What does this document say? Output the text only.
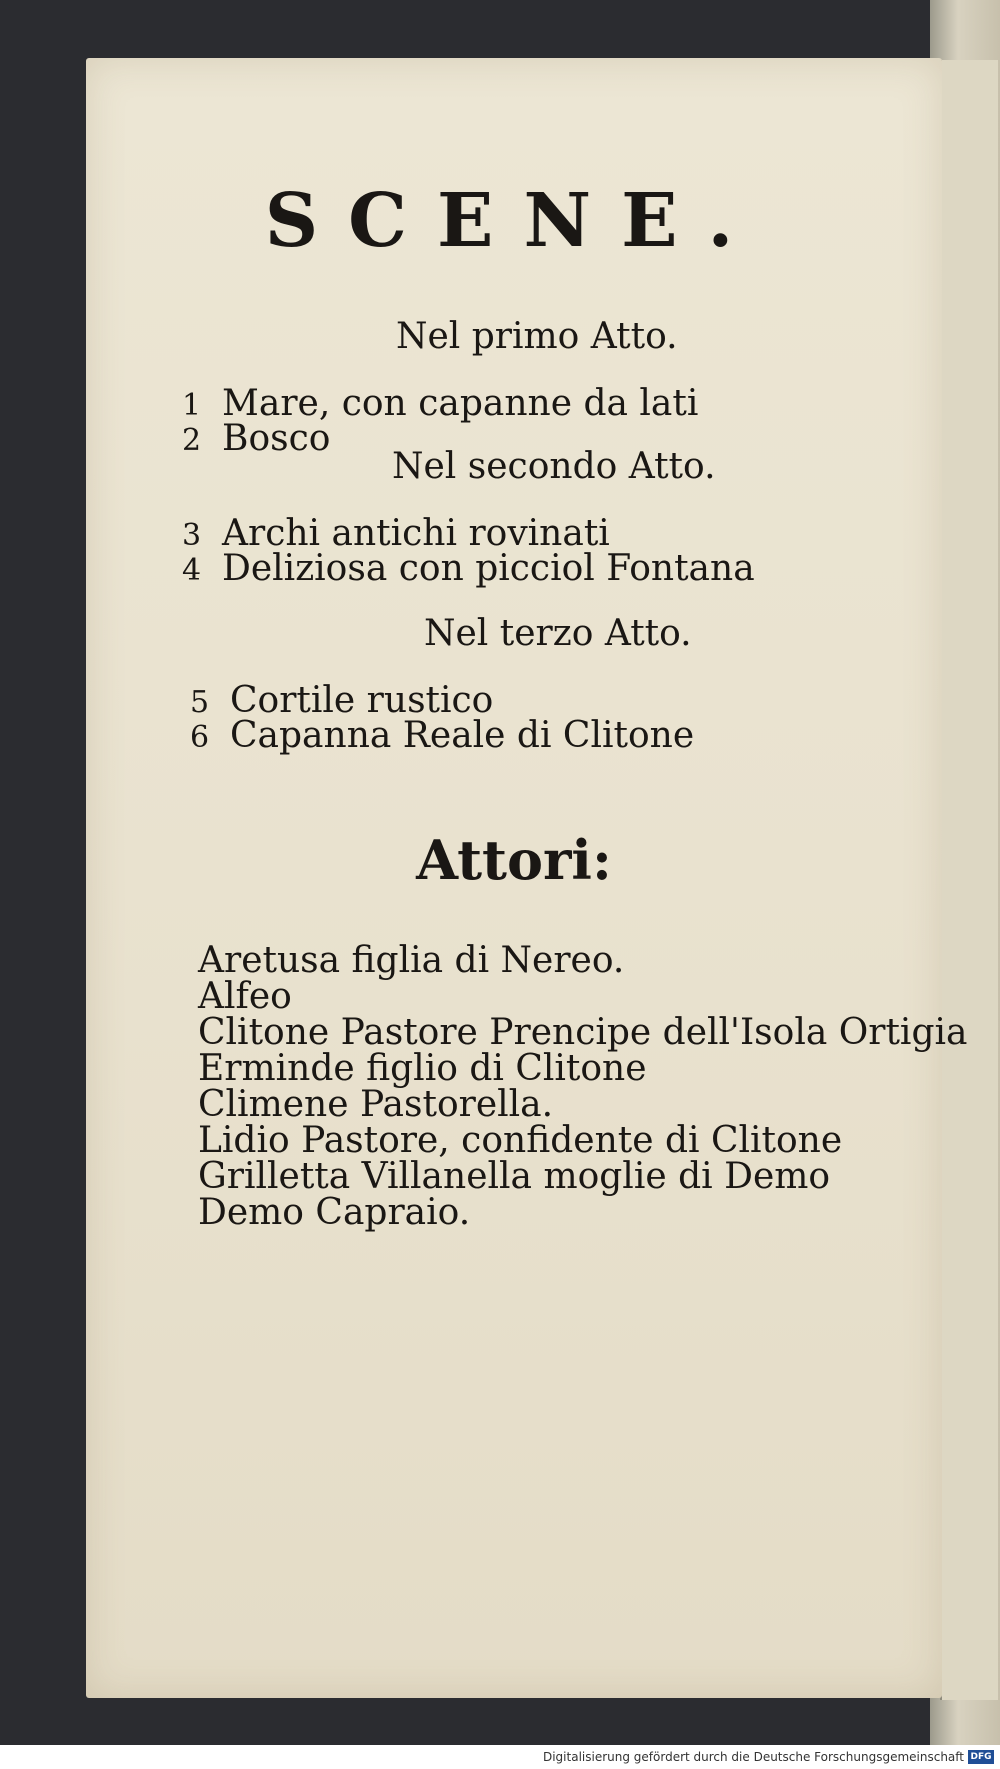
SCENE.
Nel primo Atto.
1 Mare, con capanne da lati
2 Bosco
Nel secondo Atto.
3 Archi antichi rovinati
4 Deliziosa con picciol Fontana
Nel terzo Atto.
5 Cortile rustico
6 Capanna Reale di Clitone
Attori:
Aretusa figlia di Nereo.
Alfeo
Clitone Pastore Prencipe dell'Isola Ortigia
Erminde figlio di Clitone
Climene Pastorella.
Lidio Pastore, confidente di Clitone
Grilletta Villanella moglie di Demo
Demo Capraio.
Digitalisierung gefördert durch die Deutsche Forschungsgemeinschaft DFG
